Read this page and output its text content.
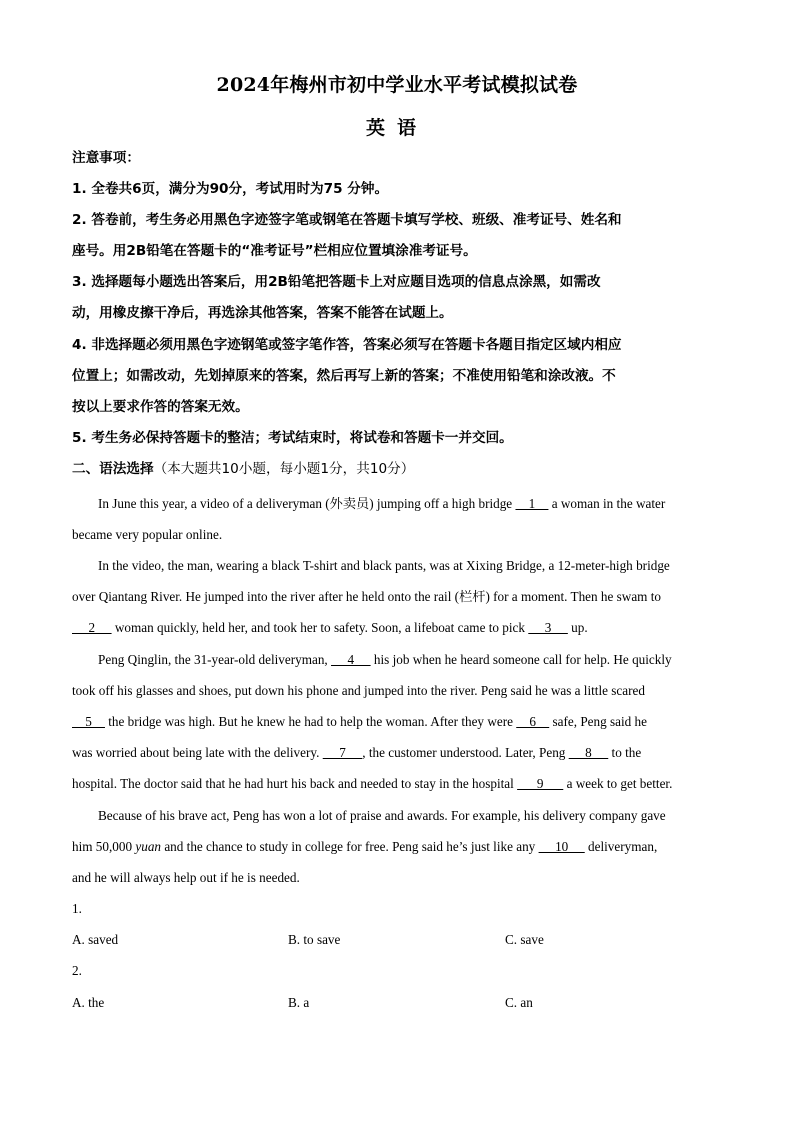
2024年梅州市初中学业水平考试模拟试卷
英语

注意事项：

1. 全卷共6页，满分为90分，考试用时为75 分钟。

2. 答卷前，考生务必用黑色字迹签字笔或钢笔在答题卡填写学校、班级、准考证号、姓名和

座号。用2B铅笔在答题卡的“准考证号”栏相应位置填涂准考证号。

3. 选择题每小题选出答案后，用2B铅笔把答题卡上对应题目选项的信息点涂黑，如需改

动，用橡皮擦干净后，再选涂其他答案，答案不能答在试题上。

4. 非选择题必须用黑色字迹钢笔或签字笔作答，答案必须写在答题卡各题目指定区域内相应

位置上；如需改动，先划掉原来的答案，然后再写上新的答案；不准使用铅笔和涂改液。不

按以上要求作答的答案无效。

5. 考生务必保持答题卡的整洁；考试结束时，将试卷和答题卡一并交回。

二、语法选择（本大题共10小题，每小题1分，共10分）

In June this year, a video of a deliveryman (外卖员) jumping off a high bridge     1     a woman in the water

became very popular online.

In the video, the man, wearing a black T-shirt and black pants, was at Xixing Bridge, a 12-meter-high bridge

over Qiantang River. He jumped into the river after he held onto the rail (栏杆) for a moment. Then he swam to

2      woman quickly, held her, and took her to safety. Soon, a lifeboat came to pick      3      up.

Peng Qinglin, the 31-year-old deliveryman,      4      his job when he heard someone call for help. He quickly

took off his glasses and shoes, put down his phone and jumped into the river. Peng said he was a little scared

5     the bridge was high. But he knew he had to help the woman. After they were     6     safe, Peng said he

was worried about being late with the delivery.      7     , the customer understood. Later, Peng      8      to the

hospital. The doctor said that he had hurt his back and needed to stay in the hospital       9       a week to get better.

Because of his brave act, Peng has won a lot of praise and awards. For example, his delivery company gave

him 50,000 yuan and the chance to study in college for free. Peng said he’s just like any      10      deliveryman,

and he will always help out if he is needed.

1.

A. saved	B. to save	C. save

2.

A. the	B. a	C. an
